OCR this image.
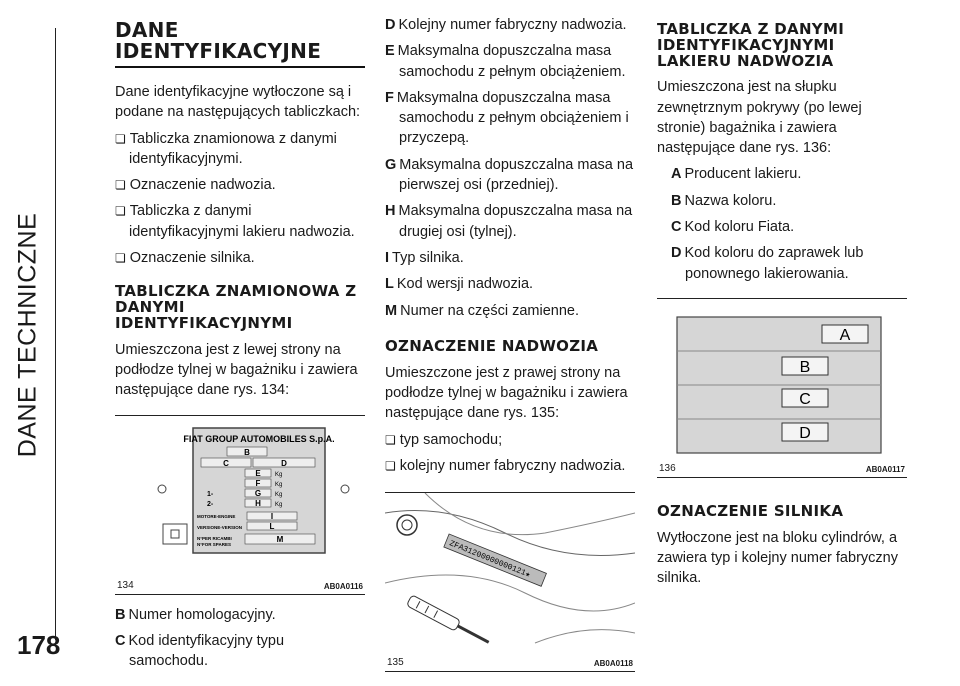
DANE TECHNICZNE
178
DANE IDENTYFIKACYJNE

Dane identyfikacyjne wytłoczone są i podane na następujących tabliczkach:

❏ Tabliczka znamionowa z danymi identyfikacyjnymi.
❏ Oznaczenie nadwozia.
❏ Tabliczka z danymi identyfikacyjnymi lakieru nadwozia.
❏ Oznaczenie silnika.
TABLICZKA ZNAMIONOWA Z DANYMI IDENTYFIKACYJNYMI

Umieszczona jest z lewej strony na podłodze tylnej w bagażniku i zawiera następujące dane rys. 134:

FIAT GROUP AUTOMOBILES S.p.A.
B
C	D
E Kg
F Kg
1-	G Kg
2-	H Kg
MOTORE-ENGINE	I
VERSIONE-VERSION	L
N°PER RICAMBI
N°FOR SPARES
M
134	AB0A0116
B Numer homologacyjny.
C Kod identyfikacyjny typu samochodu.
D Kolejny numer fabryczny nadwozia.
E Maksymalna dopuszczalna masa samochodu z pełnym obciążeniem.
F Maksymalna dopuszczalna masa samochodu z pełnym obciążeniem i przyczepą.
G Maksymalna dopuszczalna masa na pierwszej osi (przedniej).
H Maksymalna dopuszczalna masa na drugiej osi (tylnej).
I Typ silnika.
L Kod wersji nadwozia.
M Numer na części zamienne.
OZNACZENIE NADWOZIA

Umieszczone jest z prawej strony na podłodze tylnej w bagażniku i zawiera następujące dane rys. 135:

❏ typ samochodu;
❏ kolejny numer fabryczny nadwozia.
ZFA31200000000121★
135	AB0A0118
TABLICZKA Z DANYMI IDENTYFIKACYJNYMI LAKIERU NADWOZIA

Umieszczona jest na słupku zewnętrznym pokrywy (po lewej stronie) bagażnika i zawiera następujące dane rys. 136:

A Producent lakieru.
B Nazwa koloru.
C Kod koloru Fiata.
D Kod koloru do zaprawek lub ponownego lakierowania.
A
B
C
D
136	AB0A0117
OZNACZENIE SILNIKA

Wytłoczone jest na bloku cylindrów, a zawiera typ i kolejny numer fabryczny silnika.
